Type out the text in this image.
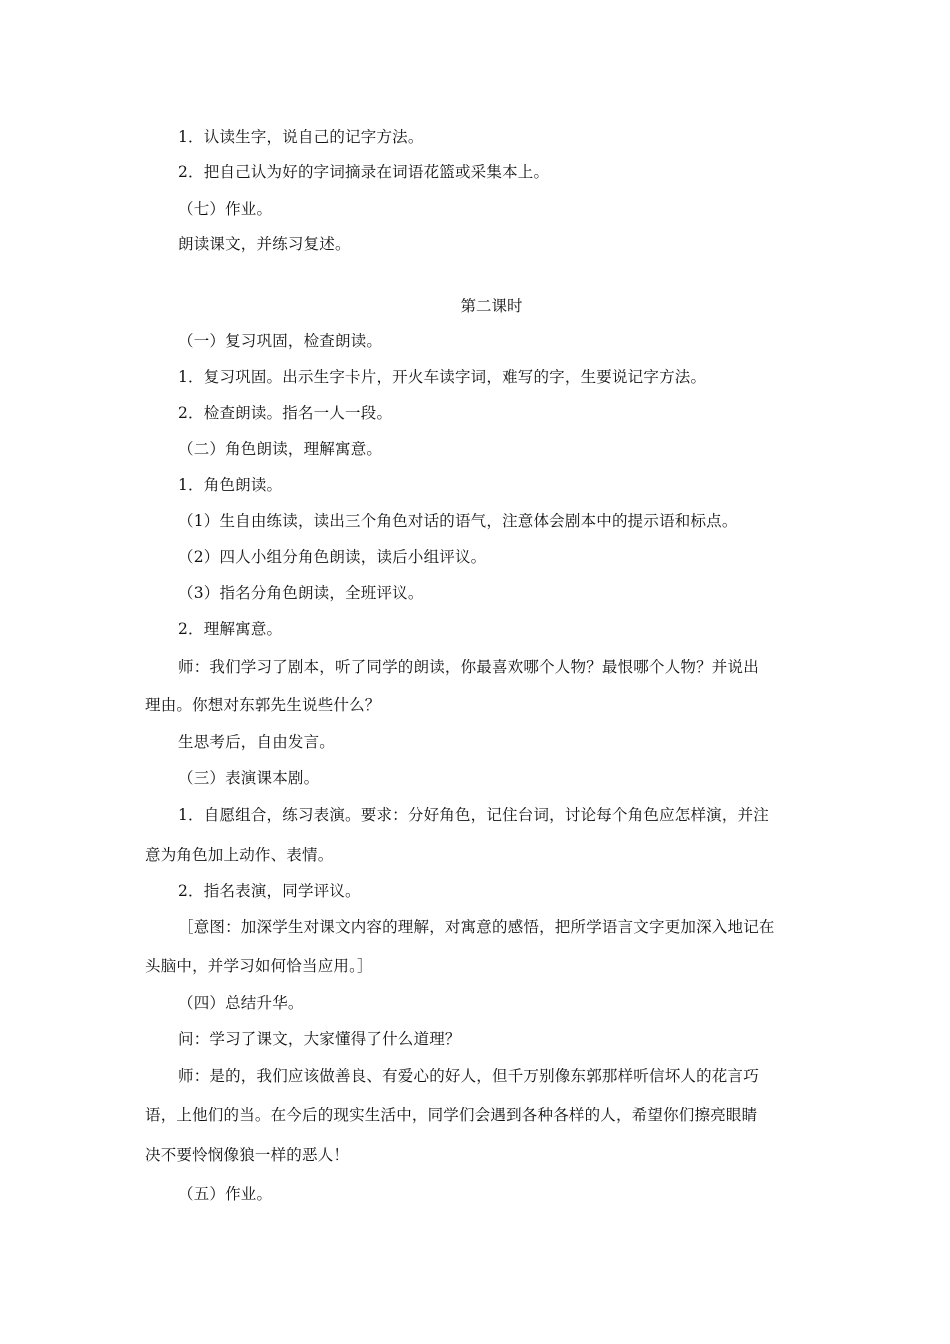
1．认读生字，说自己的记字方法。
2．把自己认为好的字词摘录在词语花篮或采集本上。
（七）作业。
朗读课文，并练习复述。
第二课时
（一）复习巩固，检查朗读。
1．复习巩固。出示生字卡片，开火车读字词，难写的字，生要说记字方法。
2．检查朗读。指名一人一段。
（二）角色朗读，理解寓意。
1．角色朗读。
（1）生自由练读，读出三个角色对话的语气，注意体会剧本中的提示语和标点。
（2）四人小组分角色朗读，读后小组评议。
（3）指名分角色朗读，全班评议。
2．理解寓意。
师：我们学习了剧本，听了同学的朗读，你最喜欢哪个人物？最恨哪个人物？并说出
理由。你想对东郭先生说些什么？
生思考后，自由发言。
（三）表演课本剧。
1．自愿组合，练习表演。要求：分好角色，记住台词，讨论每个角色应怎样演，并注
意为角色加上动作、表情。
2．指名表演，同学评议。
［意图：加深学生对课文内容的理解，对寓意的感悟，把所学语言文字更加深入地记在
头脑中，并学习如何恰当应用。］
（四）总结升华。
问：学习了课文，大家懂得了什么道理？
师：是的，我们应该做善良、有爱心的好人，但千万别像东郭那样听信坏人的花言巧
语，上他们的当。在今后的现实生活中，同学们会遇到各种各样的人，希望你们擦亮眼睛
决不要怜悯像狼一样的恶人！
（五）作业。
